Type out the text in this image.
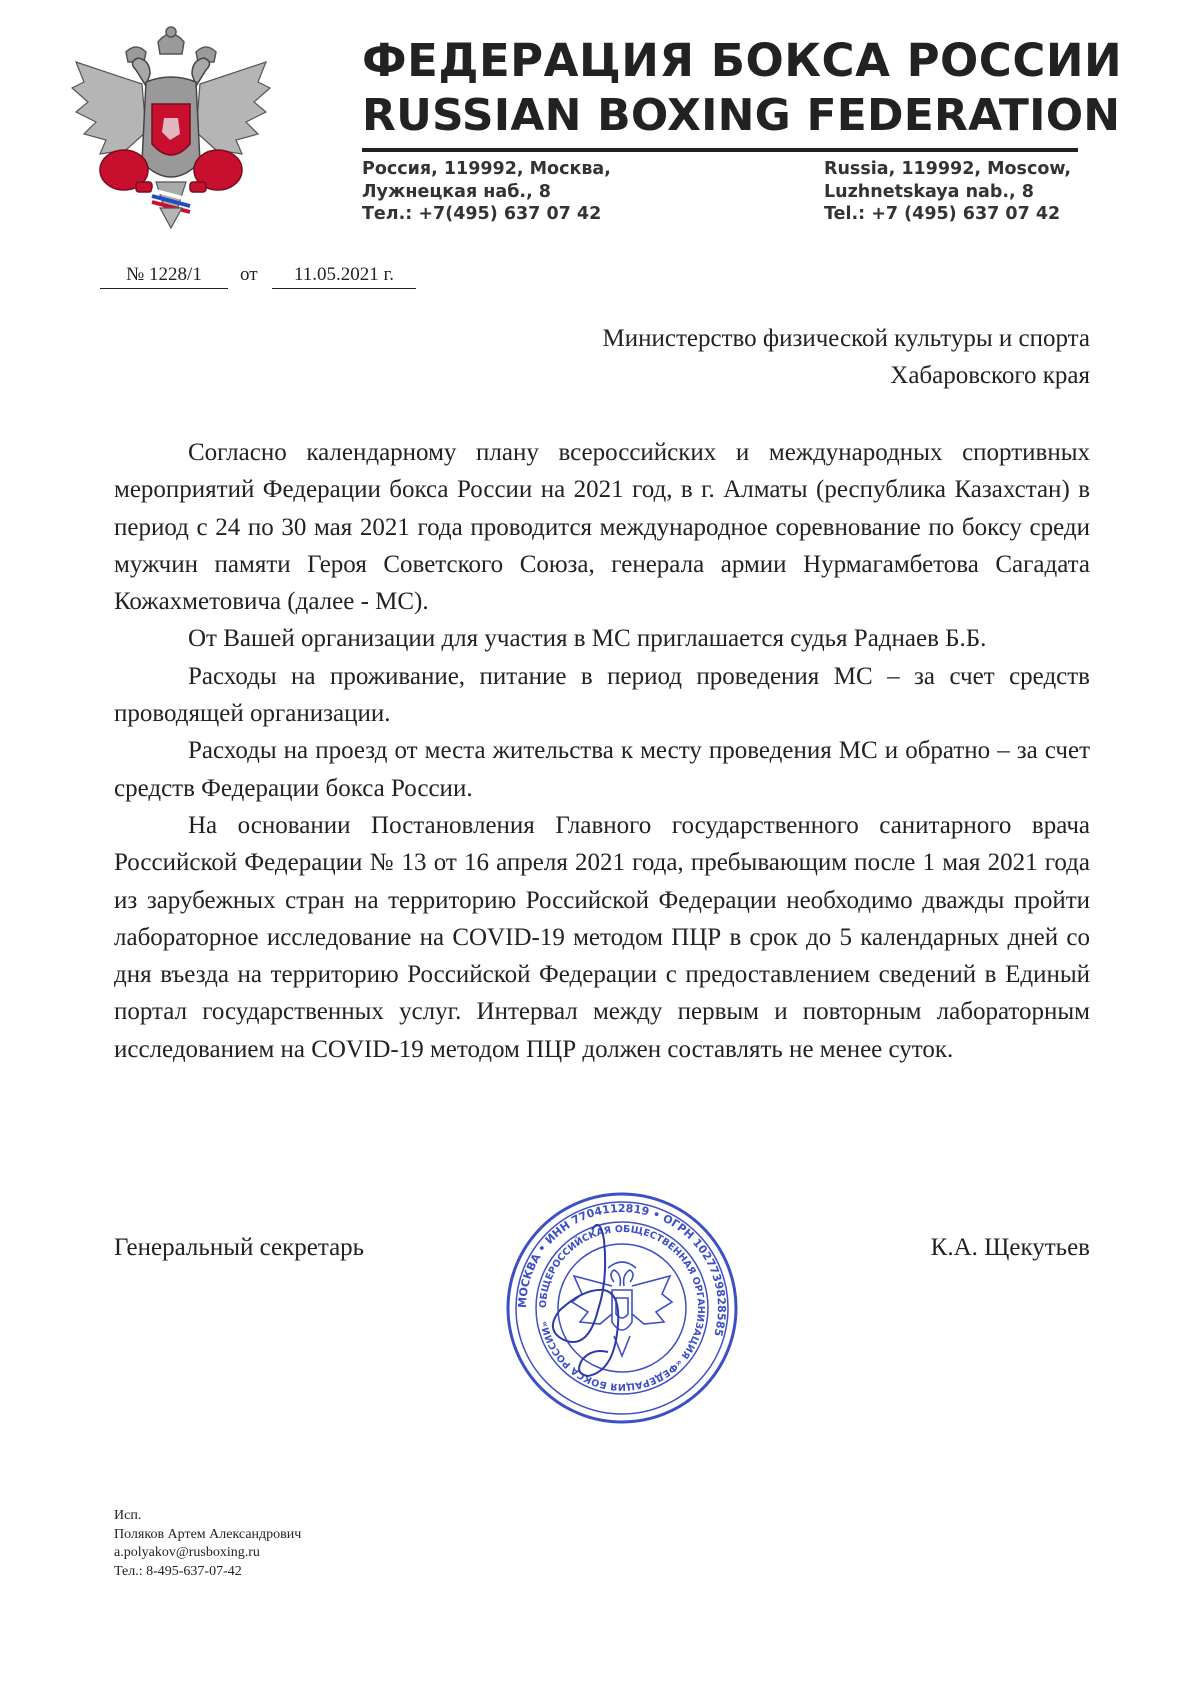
ФЕДЕРАЦИЯ БОКСА РОССИИ
RUSSIAN BOXING FEDERATION
Россия, 119992, Москва,
Лужнецкая наб., 8
Тел.: +7(495) 637 07 42
Russia, 119992, Moscow,
Luzhnetskaya nab., 8
Tel.: +7 (495) 637 07 42
№ 1228/1	от	11.05.2021 г.
Министерство физической культуры и спорта
Хабаровского края

Согласно календарному плану всероссийских и международных спортивных мероприятий Федерации бокса России на 2021 год, в г. Алматы (республика Казахстан) в период с 24 по 30 мая 2021 года проводится международное соревнование по боксу среди мужчин памяти Героя Советского Союза, генерала армии Нурмагамбетова Сагадата Кожахметовича (далее - МС).

От Вашей организации для участия в МС приглашается судья Раднаев Б.Б.

Расходы на проживание, питание в период проведения МС – за счет средств проводящей организации.

Расходы на проезд от места жительства к месту проведения МС и обратно – за счет средств Федерации бокса России.

На основании Постановления Главного государственного санитарного врача Российской Федерации № 13 от 16 апреля 2021 года, пребывающим после 1 мая 2021 года из зарубежных стран на территорию Российской Федерации необходимо дважды пройти лабораторное исследование на COVID-19 методом ПЦР в срок до 5 календарных дней со дня въезда на территорию Российской Федерации с предоставлением сведений в Единый портал государственных услуг. Интервал между первым и повторным лабораторным исследованием на COVID-19 методом ПЦР должен составлять не менее суток.

Генеральный секретарь	К.А. Щекутьев
МОСКВА • ИНН 7704112819 • ОГРН 1027739828585
ОБЩЕРОССИЙСКАЯ ОБЩЕСТВЕННАЯ ОРГАНИЗАЦИЯ «ФЕДЕРАЦИЯ БОКСА РОССИИ»
Исп.
Поляков Артем Александрович
a.polyakov@rusboxing.ru
Тел.: 8-495-637-07-42
